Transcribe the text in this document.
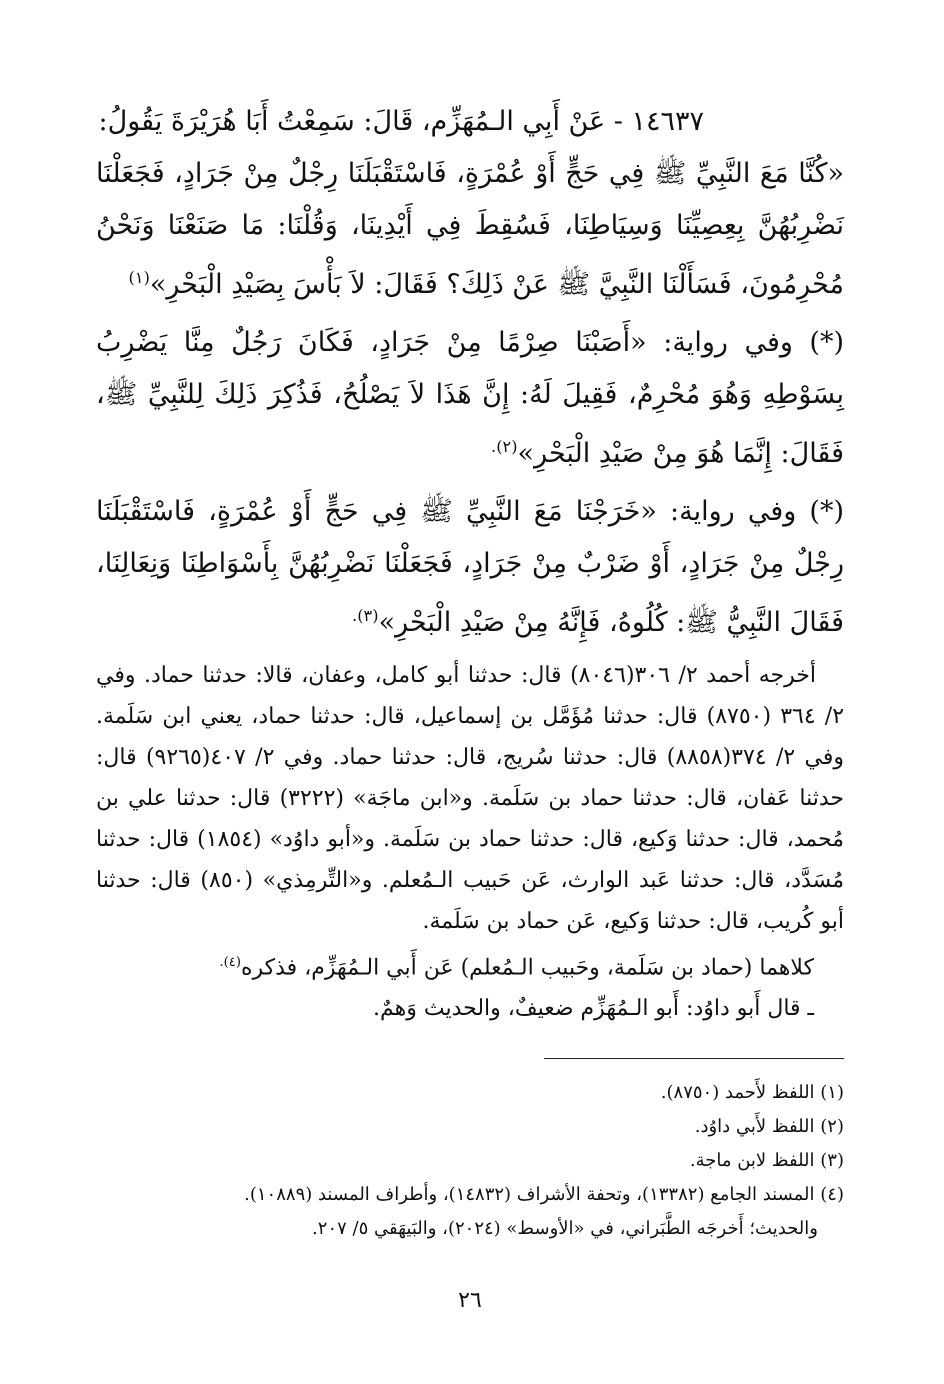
١٤٦٣٧ - عَنْ أَبِي الـمُهَزِّم، قَالَ: سَمِعْتُ أَبَا هُرَيْرَةَ يَقُولُ:

«كُنَّا مَعَ النَّبِيِّ ﷺ فِي حَجٍّ أَوْ عُمْرَةٍ، فَاسْتَقْبَلَنَا رِجْلٌ مِنْ جَرَادٍ، فَجَعَلْنَا نَضْرِبُهُنَّ بِعِصِيِّنَا وَسِيَاطِنَا، فَسُقِطَ فِي أَيْدِينَا، وَقُلْنَا: مَا صَنَعْنَا وَنَحْنُ مُحْرِمُونَ، فَسَأَلْنَا النَّبِيَّ ﷺ عَنْ ذَلِكَ؟ فَقَالَ: لاَ بَأْسَ بِصَيْدِ الْبَحْرِ»$^{(١)}$

(*) وفي رواية: «أَصَبْنَا صِرْمًا مِنْ جَرَادٍ، فَكَانَ رَجُلٌ مِنَّا يَضْرِبُ بِسَوْطِهِ وَهُوَ مُحْرِمٌ، فَقِيلَ لَهُ: إِنَّ هَذَا لاَ يَصْلُحُ، فَذُكِرَ ذَلِكَ لِلنَّبِيِّ ﷺ، فَقَالَ: إِنَّمَا هُوَ مِنْ صَيْدِ الْبَحْرِ»$^{(٢).}$

(*) وفي رواية: «خَرَجْنَا مَعَ النَّبِيِّ ﷺ فِي حَجٍّ أَوْ عُمْرَةٍ، فَاسْتَقْبَلَنَا رِجْلٌ مِنْ جَرَادٍ، أَوْ ضَرْبٌ مِنْ جَرَادٍ، فَجَعَلْنَا نَضْرِبُهُنَّ بِأَسْوَاطِنَا وَنِعَالِنَا، فَقَالَ النَّبِيُّ ﷺ: كُلُوهُ، فَإِنَّهُ مِنْ صَيْدِ الْبَحْرِ»$^{(٣).}$

أخرجه أحمد ٢/ ٣٠٦(٨٠٤٦) قال: حدثنا أبو كامل، وعفان، قالا: حدثنا حماد. وفي ٢/ ٣٦٤ (٨٧٥٠) قال: حدثنا مُؤَمَّل بن إسماعيل، قال: حدثنا حماد، يعني ابن سَلَمة. وفي ٢/ ٣٧٤(٨٨٥٨) قال: حدثنا سُريج، قال: حدثنا حماد. وفي ٢/ ٤٠٧(٩٢٦٥) قال: حدثنا عَفان، قال: حدثنا حماد بن سَلَمة. و«ابن ماجَة» (٣٢٢٢) قال: حدثنا علي بن مُحمد، قال: حدثنا وَكيع، قال: حدثنا حماد بن سَلَمة. و«أبو داوُد» (١٨٥٤) قال: حدثنا مُسَدَّد، قال: حدثنا عَبد الوارث، عَن حَبيب الـمُعلم. و«التِّرمِذي» (٨٥٠) قال: حدثنا أبو كُريب، قال: حدثنا وَكيع، عَن حماد بن سَلَمة.

كلاهما (حماد بن سَلَمة، وحَبيب الـمُعلم) عَن أَبي الـمُهَزِّم، فذكره$^{(٤).}$

ـ قال أَبو داوُد: أَبو الـمُهَزِّم ضعيفٌ، والحديث وَهمٌ.

(١) اللفظ لأَحمد (٨٧٥٠).

(٢) اللفظ لأَبي داوُد.

(٣) اللفظ لابن ماجة.

(٤) المسند الجامع (١٣٣٨٢)، وتحفة الأشراف (١٤٨٣٢)، وأطراف المسند (١٠٨٨٩).

والحديث؛ أَخرجَه الطَّبَراني، في «الأوسط» (٢٠٢٤)، والبَيهَقي ٥/ ٢٠٧.

٢٦
